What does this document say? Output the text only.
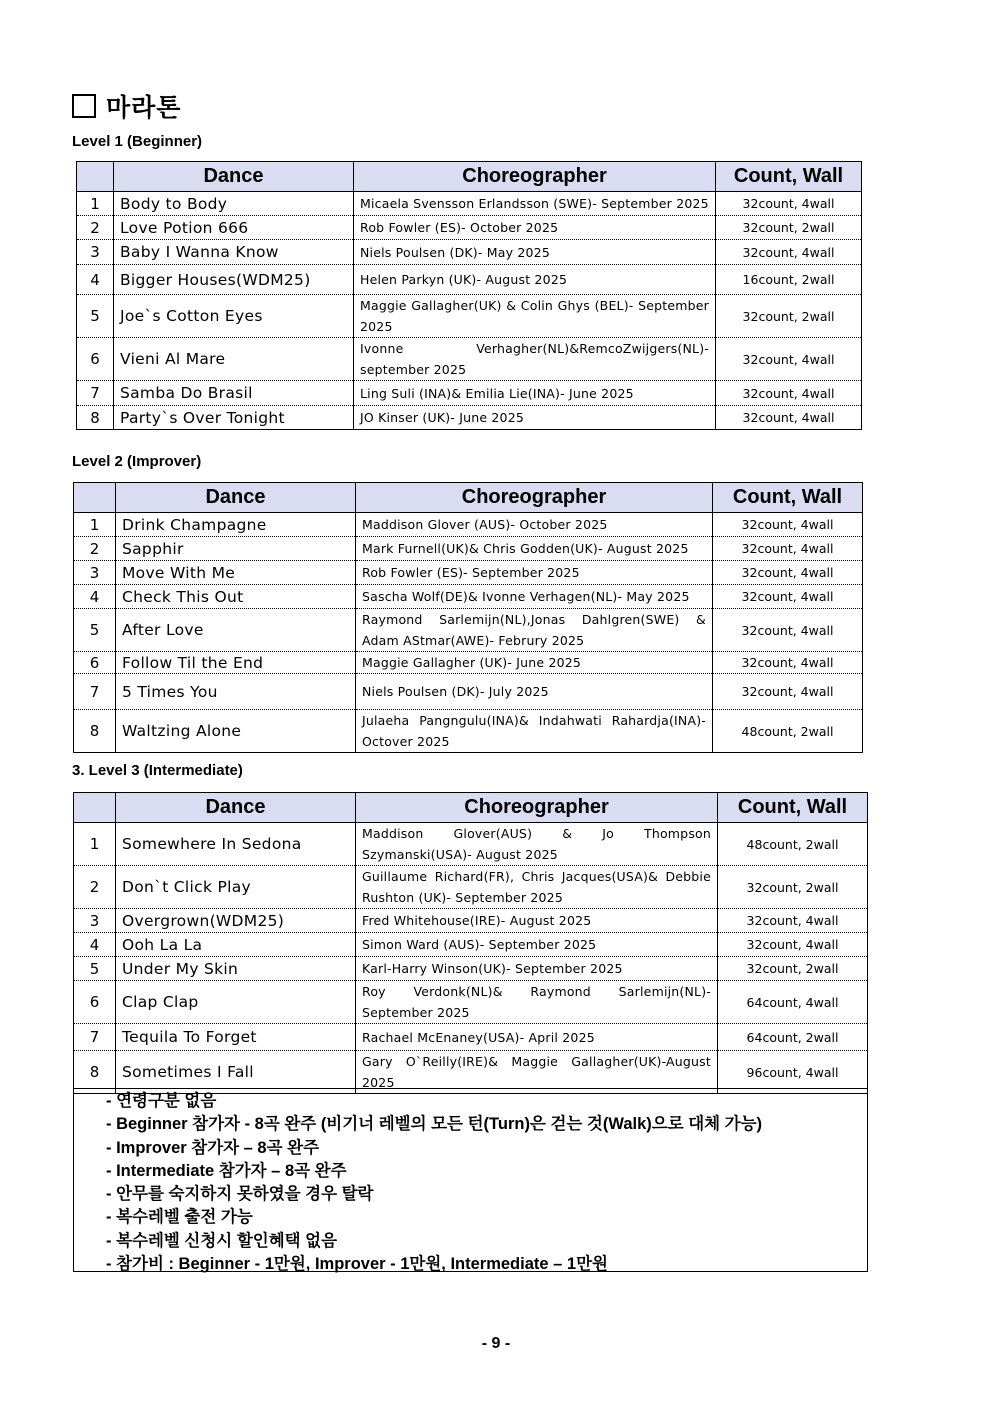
마라톤
Level 1 (Beginner)
	Dance	Choreographer	Count, Wall
1	Body to Body	Micaela Svensson Erlandsson (SWE)- September 2025	32count, 4wall
2	Love Potion 666	Rob Fowler (ES)- October 2025	32count, 2wall
3	Baby I Wanna Know	Niels Poulsen (DK)- May 2025	32count, 4wall
4	Bigger Houses(WDM25)	Helen Parkyn (UK)- August 2025	16count, 2wall
5	Joe`s Cotton Eyes	Maggie Gallagher(UK) & Colin Ghys (BEL)- September 2025	32count, 2wall
6	Vieni Al Mare	Ivonne Verhagher(NL)&RemcoZwijgers(NL)- september 2025	32count, 4wall
7	Samba Do Brasil	Ling Suli (INA)& Emilia Lie(INA)- June 2025	32count, 4wall
8	Party`s Over Tonight	JO Kinser (UK)- June 2025	32count, 4wall
Level 2 (Improver)
	Dance	Choreographer	Count, Wall
1	Drink Champagne	Maddison Glover (AUS)- October 2025	32count, 4wall
2	Sapphir	Mark Furnell(UK)& Chris Godden(UK)- August 2025	32count, 4wall
3	Move With Me	Rob Fowler (ES)- September 2025	32count, 4wall
4	Check This Out	Sascha Wolf(DE)& Ivonne Verhagen(NL)- May 2025	32count, 4wall
5	After Love	Raymond Sarlemijn(NL),Jonas Dahlgren(SWE) & Adam AStmar(AWE)- Februry 2025	32count, 4wall
6	Follow Til the End	Maggie Gallagher (UK)- June 2025	32count, 4wall
7	5 Times You	Niels Poulsen (DK)- July 2025	32count, 4wall
8	Waltzing Alone	Julaeha Pangngulu(INA)& Indahwati Rahardja(INA)- Octover 2025	48count, 2wall
3. Level 3 (Intermediate)
	Dance	Choreographer	Count, Wall
1	Somewhere In Sedona	Maddison Glover(AUS) & Jo Thompson Szymanski(USA)- August 2025	48count, 2wall
2	Don`t Click Play	Guillaume Richard(FR), Chris Jacques(USA)& Debbie Rushton (UK)- September 2025	32count, 2wall
3	Overgrown(WDM25)	Fred Whitehouse(IRE)- August 2025	32count, 4wall
4	Ooh La La	Simon Ward (AUS)- September 2025	32count, 4wall
5	Under My Skin	Karl-Harry Winson(UK)- September 2025	32count, 2wall
6	Clap Clap	Roy Verdonk(NL)& Raymond Sarlemijn(NL)- September 2025	64count, 4wall
7	Tequila To Forget	Rachael McEnaney(USA)- April 2025	64count, 2wall
8	Sometimes I Fall	Gary O`Reilly(IRE)& Maggie Gallagher(UK)-August 2025	96count, 4wall
- 연령구분 없음
- Beginner 참가자 - 8곡 완주 (비기너 레벨의 모든 턴(Turn)은 걷는 것(Walk)으로 대체 가능)
- Improver 참가자 – 8곡 완주
- Intermediate 참가자 – 8곡 완주
- 안무를 숙지하지 못하였을 경우 탈락
- 복수레벨 출전 가능
- 복수레벨 신청시 할인혜택 없음
- 참가비 : Beginner - 1만원, Improver - 1만원, Intermediate – 1만원
- 9 -
